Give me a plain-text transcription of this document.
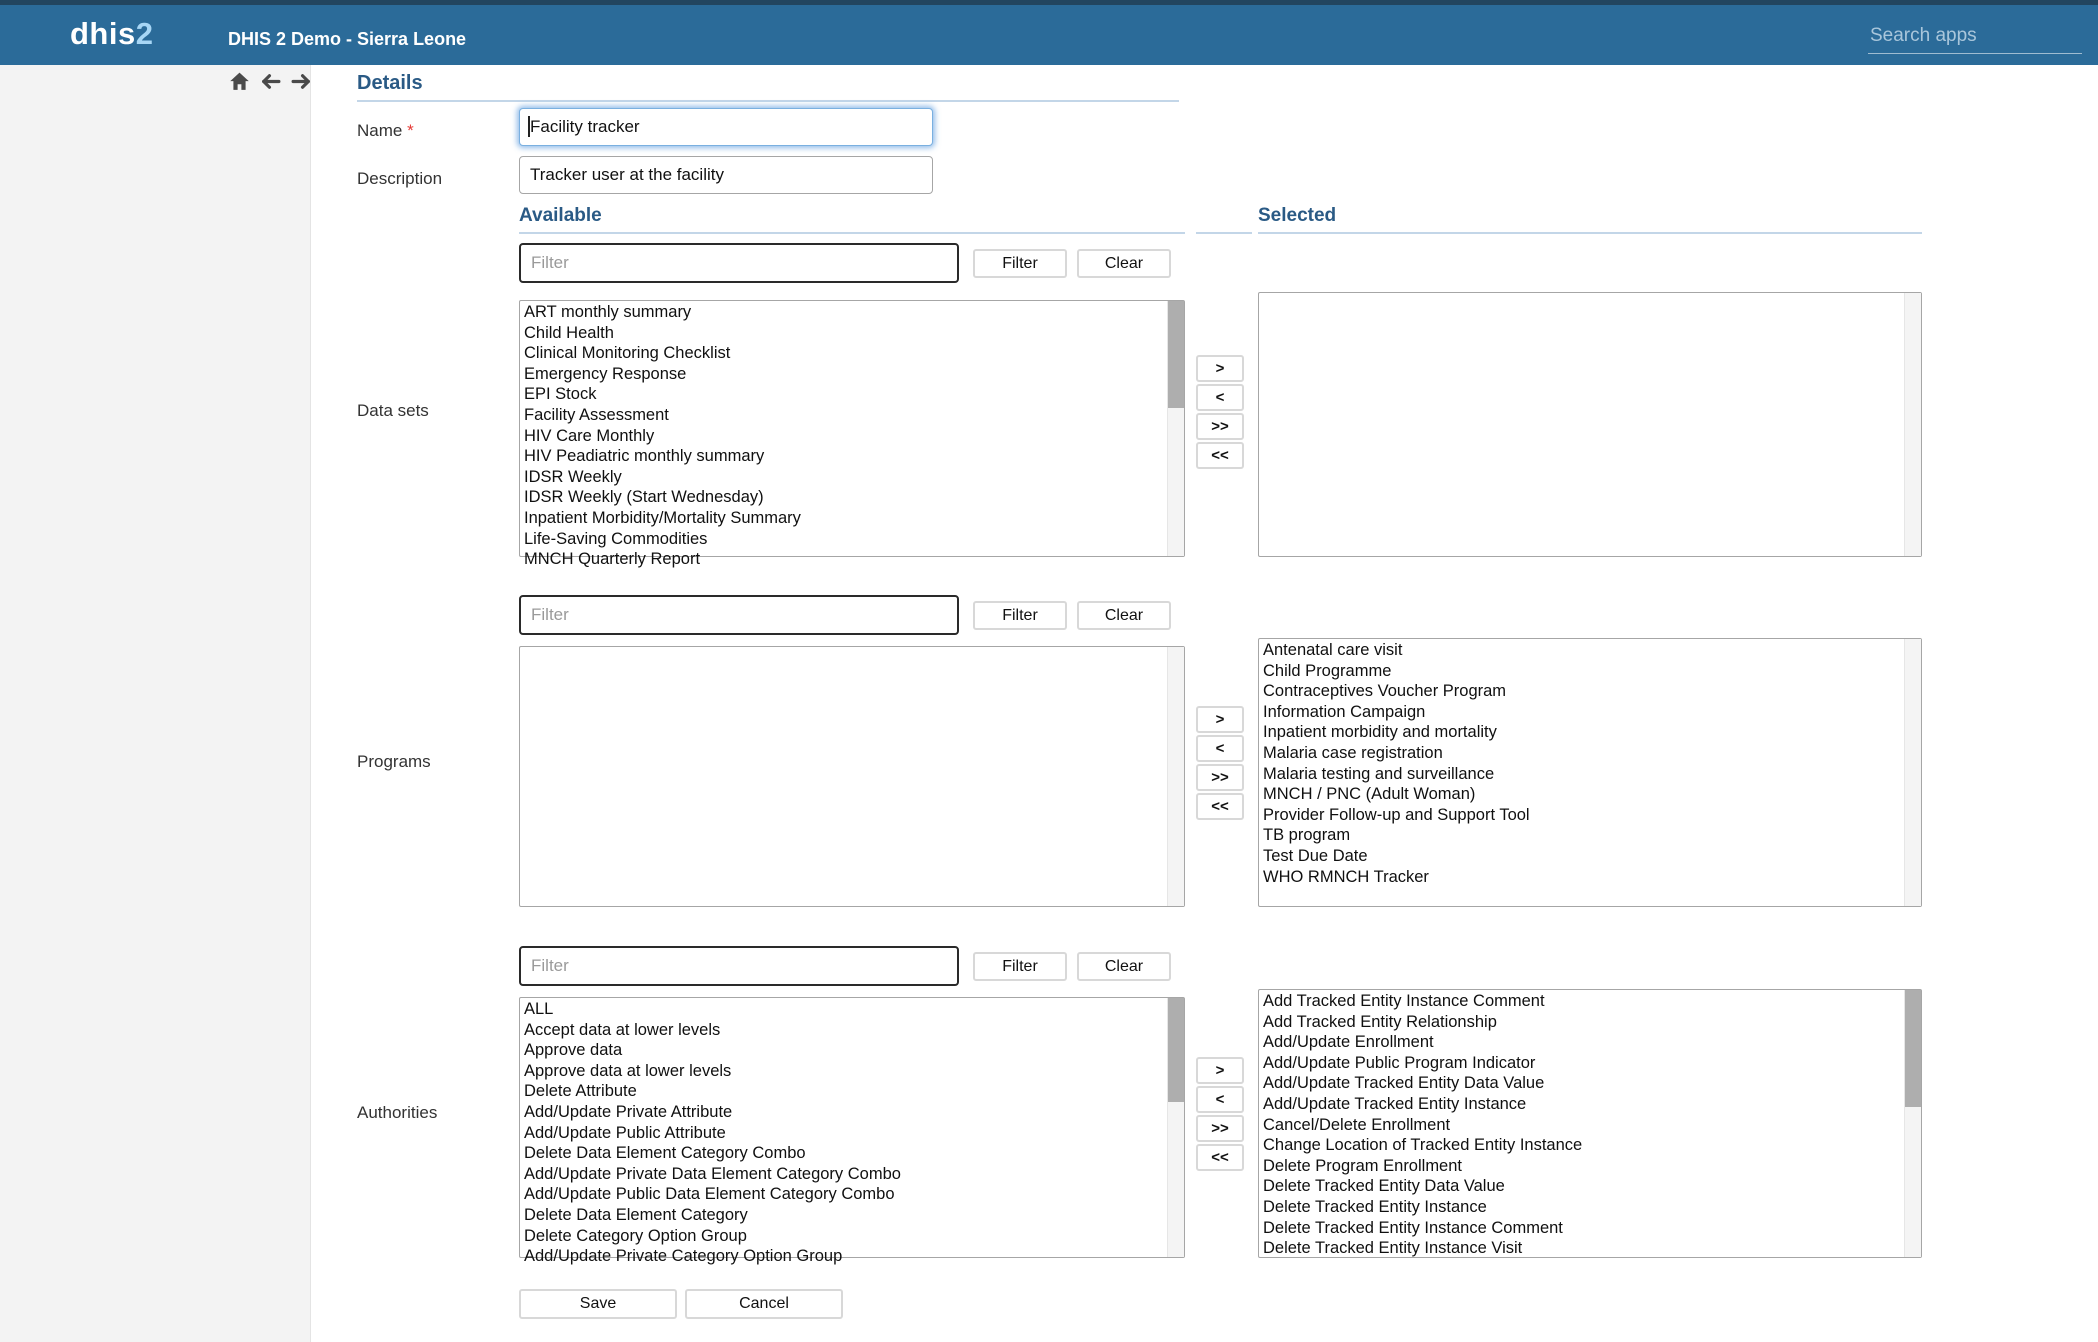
dhis2	DHIS 2 Demo - Sierra Leone
Search apps
Details
Name *
Facility tracker
Description
Tracker user at the facility
Available	Selected
Filter
Filter	Clear
Data sets
ART monthly summary
Child Health
Clinical Monitoring Checklist
Emergency Response
EPI Stock
Facility Assessment
HIV Care Monthly
HIV Peadiatric monthly summary
IDSR Weekly
IDSR Weekly (Start Wednesday)
Inpatient Morbidity/Mortality Summary
Life-Saving Commodities
MNCH Quarterly Report
>
<
>>
<<
Filter
Filter	Clear
Programs
>
<
>>
<<
Antenatal care visit
Child Programme
Contraceptives Voucher Program
Information Campaign
Inpatient morbidity and mortality
Malaria case registration
Malaria testing and surveillance
MNCH / PNC (Adult Woman)
Provider Follow-up and Support Tool
TB program
Test Due Date
WHO RMNCH Tracker
Filter
Filter	Clear
Authorities
ALL
Accept data at lower levels
Approve data
Approve data at lower levels
Delete Attribute
Add/Update Private Attribute
Add/Update Public Attribute
Delete Data Element Category Combo
Add/Update Private Data Element Category Combo
Add/Update Public Data Element Category Combo
Delete Data Element Category
Delete Category Option Group
Add/Update Private Category Option Group
>
<
>>
<<
Add Tracked Entity Instance Comment
Add Tracked Entity Relationship
Add/Update Enrollment
Add/Update Public Program Indicator
Add/Update Tracked Entity Data Value
Add/Update Tracked Entity Instance
Cancel/Delete Enrollment
Change Location of Tracked Entity Instance
Delete Program Enrollment
Delete Tracked Entity Data Value
Delete Tracked Entity Instance
Delete Tracked Entity Instance Comment
Delete Tracked Entity Instance Visit
Save	Cancel
